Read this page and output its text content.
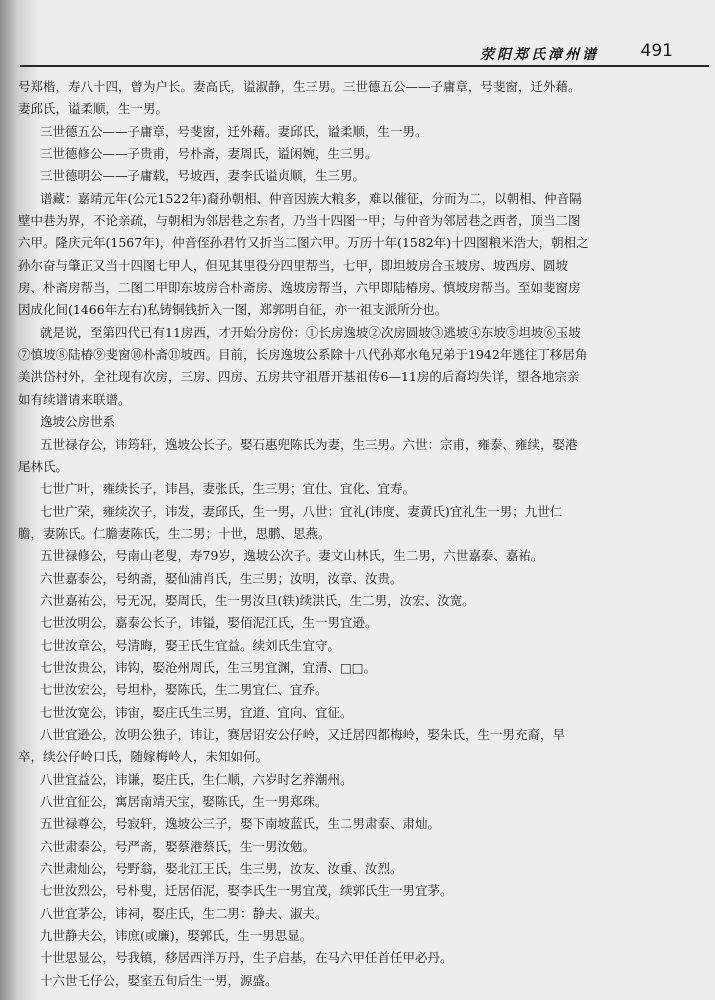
荥阳郑氏漳州谱 491
号郑楷，寿八十四，曾为户长。妻高氏，谥淑静，生三男。三世德五公——子庸章，号斐窗，迁外藉。
妻邱氏，谥柔顺，生一男。
三世德五公——子庸章，号斐窗，迁外藉。妻邱氏，谥柔顺，生一男。
三世德修公——子贵甫，号朴斋，妻周氏，谥闲婉，生三男。
三世德明公——子庸载，号坡西，妻李氏谥贞顺，生三男。
谱藏：嘉靖元年(公元1522年)裔孙朝相、仲音因族大粮多，难以催征，分而为二，以朝相、仲音隔
壁中巷为界，不论亲疏，与朝相为邻居巷之东者，乃当十四图一甲；与仲音为邻居巷之西者，顶当二图
六甲。隆庆元年(1567年)，仲音侄孙君竹又折当二图六甲。万历十年(1582年)十四图粮米浩大，朝相之
孙尔奋与肇正又当十四图七甲人，但见其里役分四里帮当，七甲，即坦坡房合玉坡房、坡西房、圆坡
房、朴斋房帮当，二图二甲即东坡房合朴斋房、逸坡房帮当，六甲即陆椿房、慎坡房帮当。至如斐窗房
因成化间(1466年左右)私铸铜钱折入一图，郑郭明自征，亦一祖支派所分也。
就是说，至第四代已有11房西，才开始分房份：①长房逸坡②次房圆坡③逃坡④东坡⑤坦坡⑥玉坡
⑦慎坡⑧陆椿⑨斐窗⑩朴斋⑪坡西。目前，长房逸坡公系除十八代孙郑水龟兄弟于1942年逃往丁移居角
美洪岱村外，全社现有次房，三房、四房、五房共守祖厝开基祖传6—11房的后裔均失详，望各地宗亲
如有续谱请来联谱。
逸坡公房世系
五世禄存公，讳筠轩，逸坡公长子。娶石惠兜陈氏为妻，生三男。六世：宗甫，雍泰、雍续，娶港
尾林氏。
七世广叶，雍续长子，讳昌，妻张氏，生三男；宜仕、宜化、宜寿。
七世广荣，雍续次子，讳发，妻邱氏，生一男，八世：宜礼(讳度、妻黄氏)宜礼生一男；九世仁
膽，妻陈氏。仁膽妻陈氏，生二男；十世，思鹏、思燕。
五世禄修公，号南山老叟，寿79岁，逸坡公次子。妻文山林氏，生二男，六世嘉泰、嘉祐。
六世嘉泰公，号纳斋，娶仙浦肖氏，生三男；汝明，汝章、汝贵。
六世嘉祐公，号无况，娶周氏，生一男汝旦(轶)续洪氏，生二男，汝宏、汝宽。
七世汝明公，嘉泰公长子，讳镒，娶佰泥江氏，生一男宜逊。
七世汝章公，号清晦，娶王氏生宜益。续刘氏生宜守。
七世汝贵公，讳钩，娶沧州周氏，生三男宜渊，宜清、□□。
七世汝宏公，号坦朴，娶陈氏，生二男宜仁、宜乔。
七世汝宽公，讳宙，娶庄氏生三男，宜道、宜向、宜征。
八世宜逊公，汝明公独子，讳让，赛居诏安公仔岭，又迁居四都梅岭，娶朱氏，生一男充裔，早
卒，续公仔岭口氏，随嫁梅岭人，未知如何。
八世宜益公，讳谦，娶庄氏，生仁顺，六岁时乞养潮州。
八世宜征公，寓居南靖天宝，娶陈氏，生一男郑珠。
五世禄尊公，号寂轩，逸坡公三子，娶下南坡蓝氏，生二男肃泰、肃灿。
六世肃泰公，号严斋，娶蔡港蔡氏，生一男汝勉。
六世肃灿公，号野翁，娶北江王氏，生三男，汝友、汝重、汝烈。
七世汝烈公，号朴叟，迁居佰泥，娶李氏生一男宜茂，续郭氏生一男宜茅。
八世宜茅公，讳祠，娶庄氏，生二男：静夫、淑夫。
九世静夫公，讳庶(或廉)，娶郭氏，生一男思显。
十世思显公，号我镇，移居西洋万丹，生子启基，在马六甲任首任甲必丹。
十六世乇仔公，娶室五旬后生一男，源盛。
